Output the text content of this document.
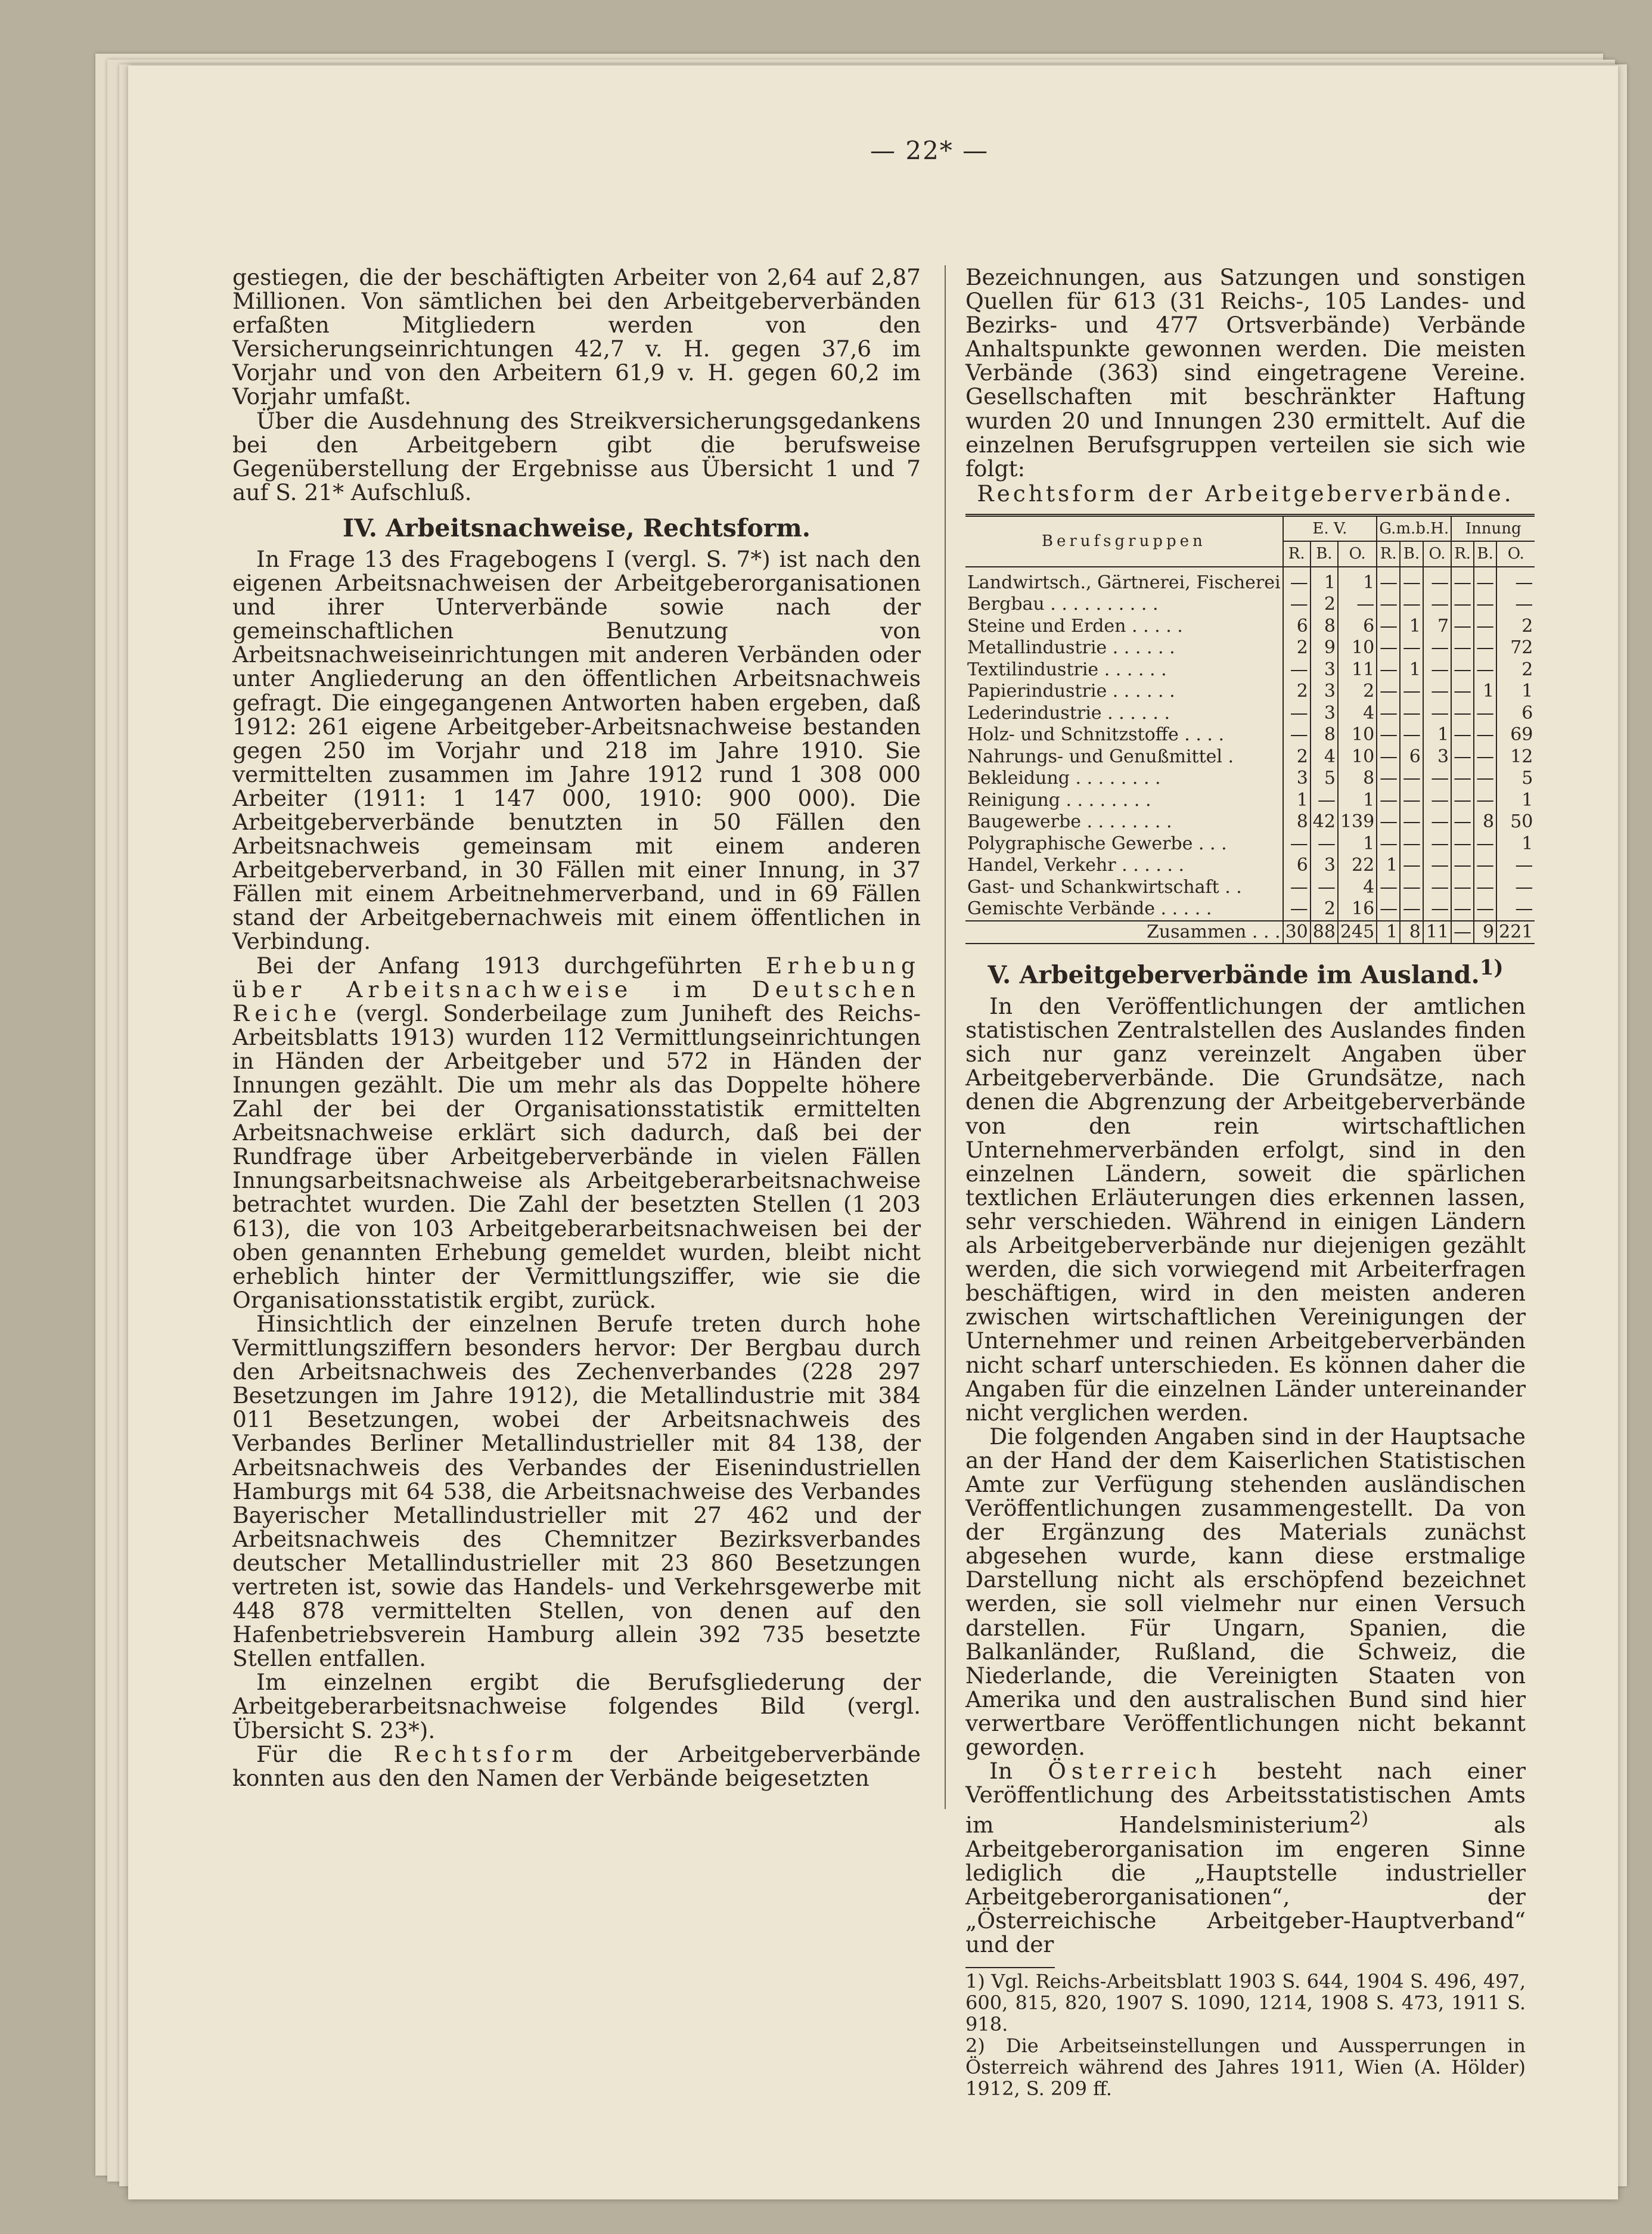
— 22* —

gestiegen, die der beschäftigten Arbeiter von 2,64 auf 2,87 Millionen. Von sämtlichen bei den Arbeitgeberverbänden erfaßten Mitgliedern werden von den Versicherungseinrichtungen 42,7 v. H. gegen 37,6 im Vorjahr und von den Arbeitern 61,9 v. H. gegen 60,2 im Vorjahr umfaßt.

Über die Ausdehnung des Streikversicherungsgedankens bei den Arbeitgebern gibt die berufsweise Gegenüberstellung der Ergebnisse aus Übersicht 1 und 7 auf S. 21* Aufschluß.

IV. Arbeitsnachweise, Rechtsform.

In Frage 13 des Fragebogens I (vergl. S. 7*) ist nach den eigenen Arbeitsnachweisen der Arbeitgeberorganisationen und ihrer Unterverbände sowie nach der gemeinschaftlichen Benutzung von Arbeitsnachweiseinrichtungen mit anderen Verbänden oder unter Angliederung an den öffentlichen Arbeitsnachweis gefragt. Die eingegangenen Antworten haben ergeben, daß 1912: 261 eigene Arbeitgeber-Arbeitsnachweise bestanden gegen 250 im Vorjahr und 218 im Jahre 1910. Sie vermittelten zusammen im Jahre 1912 rund 1 308 000 Arbeiter (1911: 1 147 000, 1910: 900 000). Die Arbeitgeberverbände benutzten in 50 Fällen den Arbeitsnachweis gemeinsam mit einem anderen Arbeitgeberverband, in 30 Fällen mit einer Innung, in 37 Fällen mit einem Arbeitnehmerverband, und in 69 Fällen stand der Arbeitgebernachweis mit einem öffentlichen in Verbindung.

Bei der Anfang 1913 durchgeführten Erhebung über Arbeitsnachweise im Deutschen Reiche (vergl. Sonderbeilage zum Juniheft des Reichs-Arbeitsblatts 1913) wurden 112 Vermittlungseinrichtungen in Händen der Arbeitgeber und 572 in Händen der Innungen gezählt. Die um mehr als das Doppelte höhere Zahl der bei der Organisationsstatistik ermittelten Arbeitsnachweise erklärt sich dadurch, daß bei der Rundfrage über Arbeitgeberverbände in vielen Fällen Innungsarbeitsnachweise als Arbeitgeberarbeitsnachweise betrachtet wurden. Die Zahl der besetzten Stellen (1 203 613), die von 103 Arbeitgeberarbeitsnachweisen bei der oben genannten Erhebung gemeldet wurden, bleibt nicht erheblich hinter der Vermittlungsziffer, wie sie die Organisationsstatistik ergibt, zurück.

Hinsichtlich der einzelnen Berufe treten durch hohe Vermittlungsziffern besonders hervor: Der Bergbau durch den Arbeitsnachweis des Zechenverbandes (228 297 Besetzungen im Jahre 1912), die Metallindustrie mit 384 011 Besetzungen, wobei der Arbeitsnachweis des Verbandes Berliner Metallindustrieller mit 84 138, der Arbeitsnachweis des Verbandes der Eisenindustriellen Hamburgs mit 64 538, die Arbeitsnachweise des Verbandes Bayerischer Metallindustrieller mit 27 462 und der Arbeitsnachweis des Chemnitzer Bezirksverbandes deutscher Metallindustrieller mit 23 860 Besetzungen vertreten ist, sowie das Handels- und Verkehrsgewerbe mit 448 878 vermittelten Stellen, von denen auf den Hafenbetriebsverein Hamburg allein 392 735 besetzte Stellen entfallen.

Im einzelnen ergibt die Berufsgliederung der Arbeitgeberarbeitsnachweise folgendes Bild (vergl. Übersicht S. 23*).

Für die Rechtsform der Arbeitgeberverbände konnten aus den den Namen der Verbände beigesetzten

Bezeichnungen, aus Satzungen und sonstigen Quellen für 613 (31 Reichs-, 105 Landes- und Bezirks- und 477 Ortsverbände) Verbände Anhaltspunkte gewonnen werden. Die meisten Verbände (363) sind eingetragene Vereine. Gesellschaften mit beschränkter Haftung wurden 20 und Innungen 230 ermittelt. Auf die einzelnen Berufsgruppen verteilen sie sich wie folgt:

Rechtsform der Arbeitgeberverbände.
Berufsgruppen	E. V.			G.m.b.H.			Innung		
	R.	B.	O.	R.	B.	O.	R.	B.	O.
Landwirtsch., Gärtnerei, Fischerei	—	1	1	—	—	—	—	—	—
Bergbau . . . . . . . . . .	—	2	—	—	—	—	—	—	—
Steine und Erden . . . . .	6	8	6	—	1	7	—	—	2
Metallindustrie . . . . . .	2	9	10	—	—	—	—	—	72
Textilindustrie . . . . . .	—	3	11	—	1	—	—	—	2
Papierindustrie . . . . . .	2	3	2	—	—	—	—	1	1
Lederindustrie . . . . . .	—	3	4	—	—	—	—	—	6
Holz- und Schnitzstoffe . . . .	—	8	10	—	—	1	—	—	69
Nahrungs- und Genußmittel .	2	4	10	—	6	3	—	—	12
Bekleidung . . . . . . . .	3	5	8	—	—	—	—	—	5
Reinigung . . . . . . . .	1	—	1	—	—	—	—	—	1
Baugewerbe . . . . . . . .	8	42	139	—	—	—	—	8	50
Polygraphische Gewerbe . . .	—	—	1	—	—	—	—	—	1
Handel, Verkehr . . . . . .	6	3	22	1	—	—	—	—	—
Gast- und Schankwirtschaft . .	—	—	4	—	—	—	—	—	—
Gemischte Verbände . . . . .	—	2	16	—	—	—	—	—	—
Zusammen . . .	30	88	245	1	8	11	—	9	221
V. Arbeitgeberverbände im Ausland.$^{1)}$

In den Veröffentlichungen der amtlichen statistischen Zentralstellen des Auslandes finden sich nur ganz vereinzelt Angaben über Arbeitgeberverbände. Die Grundsätze, nach denen die Abgrenzung der Arbeitgeberverbände von den rein wirtschaftlichen Unternehmerverbänden erfolgt, sind in den einzelnen Ländern, soweit die spärlichen textlichen Erläuterungen dies erkennen lassen, sehr verschieden. Während in einigen Ländern als Arbeitgeberverbände nur diejenigen gezählt werden, die sich vorwiegend mit Arbeiterfragen beschäftigen, wird in den meisten anderen zwischen wirtschaftlichen Vereinigungen der Unternehmer und reinen Arbeitgeberverbänden nicht scharf unterschieden. Es können daher die Angaben für die einzelnen Länder untereinander nicht verglichen werden.

Die folgenden Angaben sind in der Hauptsache an der Hand der dem Kaiserlichen Statistischen Amte zur Verfügung stehenden ausländischen Veröffentlichungen zusammengestellt. Da von der Ergänzung des Materials zunächst abgesehen wurde, kann diese erstmalige Darstellung nicht als erschöpfend bezeichnet werden, sie soll vielmehr nur einen Versuch darstellen. Für Ungarn, Spanien, die Balkanländer, Rußland, die Schweiz, die Niederlande, die Vereinigten Staaten von Amerika und den australischen Bund sind hier verwertbare Veröffentlichungen nicht bekannt geworden.

In Österreich besteht nach einer Veröffentlichung des Arbeitsstatistischen Amts im Handelsministerium$^{2)}$	als Arbeitgeberorganisation im engeren Sinne lediglich die „Hauptstelle industrieller Arbeitgeberorganisationen“, der „Österreichische Arbeitgeber-Hauptverband“ und der

1) Vgl. Reichs-Arbeitsblatt 1903 S. 644, 1904 S. 496, 497, 600, 815, 820, 1907 S. 1090, 1214, 1908 S. 473, 1911 S. 918.

2) Die Arbeitseinstellungen und Aussperrungen in Österreich während des Jahres 1911, Wien (A. Hölder) 1912, S. 209 ff.
